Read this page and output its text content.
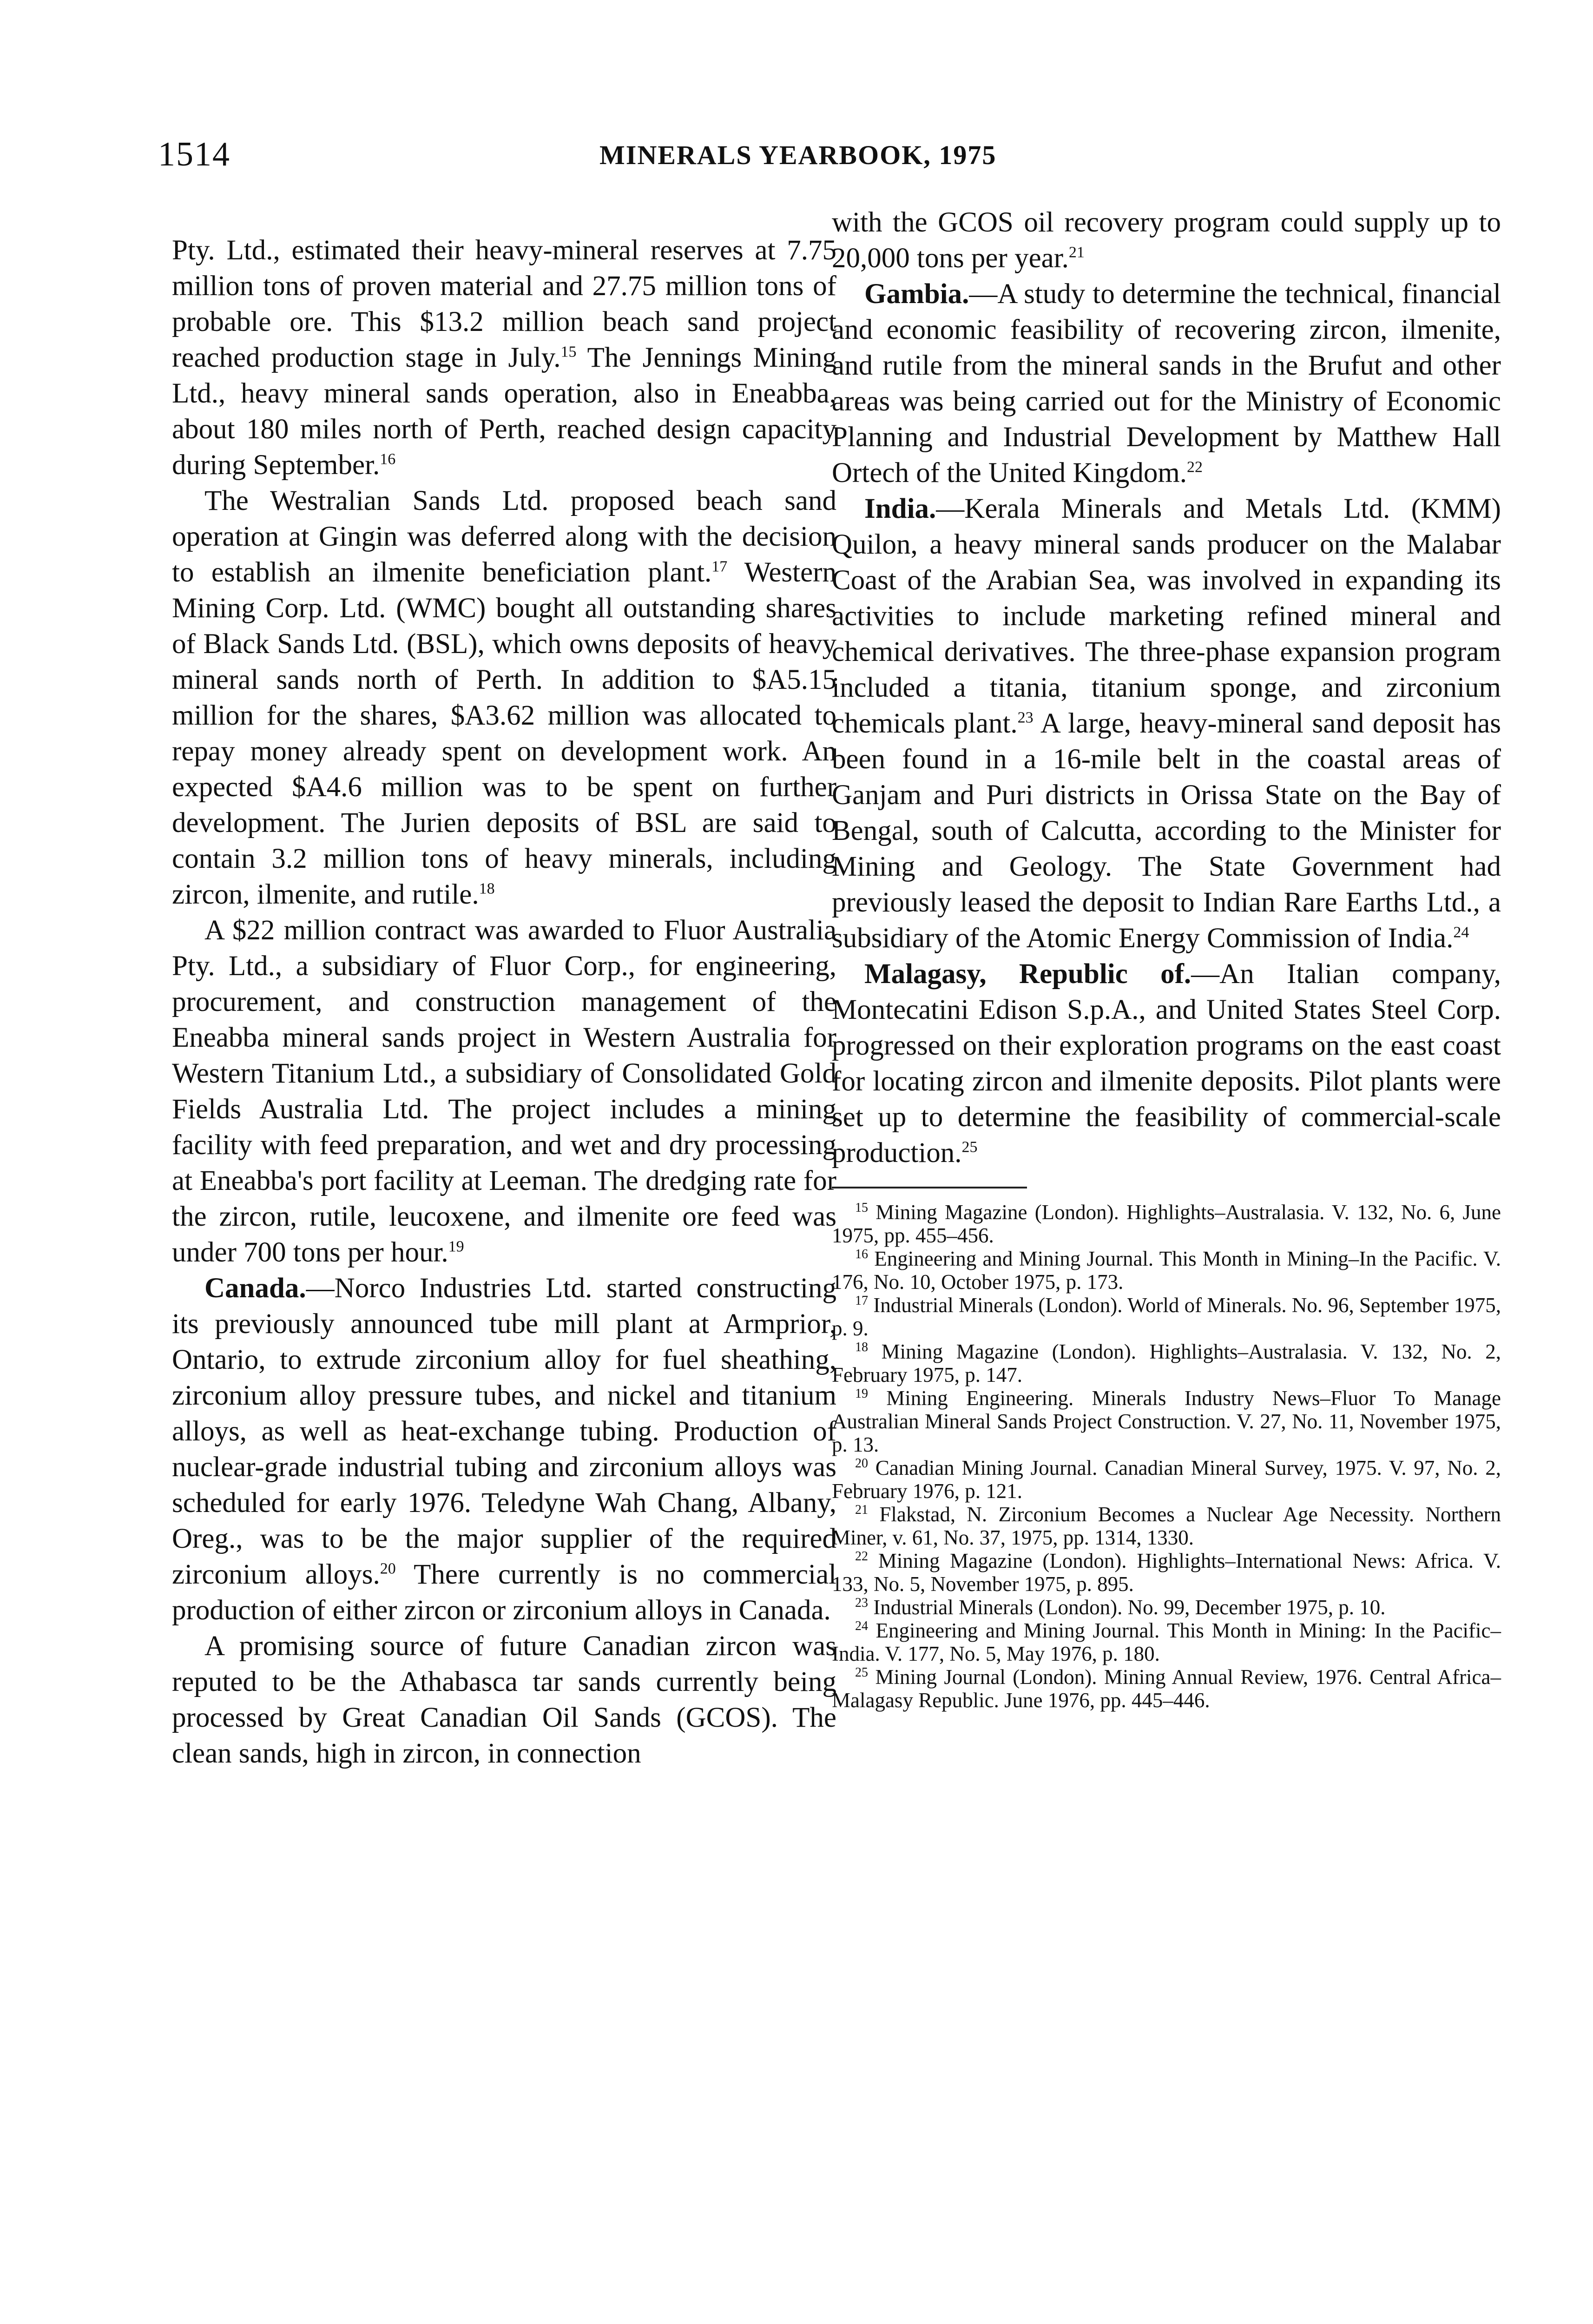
1514	MINERALS YEARBOOK, 1975

Pty. Ltd., estimated their heavy-mineral reserves at 7.75 million tons of proven material and 27.75 million tons of probable ore. This $13.2 million beach sand project reached production stage in July.$^{15}$ The Jennings Mining Ltd., heavy mineral sands operation, also in Eneabba, about 180 miles north of Perth, reached design capacity during September.$^{16}$

The Westralian Sands Ltd. proposed beach sand operation at Gingin was deferred along with the decision to establish an ilmenite beneficiation plant.$^{17}$ Western Mining Corp. Ltd. (WMC) bought all outstanding shares of Black Sands Ltd. (BSL), which owns deposits of heavy mineral sands north of Perth. In addition to $A5.15 million for the shares, $A3.62 million was allocated to repay money already spent on development work. An expected $A4.6 million was to be spent on further development. The Jurien deposits of BSL are said to contain 3.2 million tons of heavy minerals, including zircon, ilmenite, and rutile.$^{18}$

A $22 million contract was awarded to Fluor Australia Pty. Ltd., a subsidiary of Fluor Corp., for engineering, procurement, and construction management of the Eneabba mineral sands project in Western Australia for Western Titanium Ltd., a subsidiary of Consolidated Gold Fields Australia Ltd. The project includes a mining facility with feed preparation, and wet and dry processing at Eneabba's port facility at Leeman. The dredging rate for the zircon, rutile, leucoxene, and ilmenite ore feed was under 700 tons per hour.$^{19}$

Canada.—Norco Industries Ltd. started constructing its previously announced tube mill plant at Armprior, Ontario, to extrude zirconium alloy for fuel sheathing, zirconium alloy pressure tubes, and nickel and titanium alloys, as well as heat-exchange tubing. Production of nuclear-grade industrial tubing and zirconium alloys was scheduled for early 1976. Teledyne Wah Chang, Albany, Oreg., was to be the major supplier of the required zirconium alloys.$^{20}$ There currently is no commercial production of either zircon or zirconium alloys in Canada.

A promising source of future Canadian zircon was reputed to be the Athabasca tar sands currently being processed by Great Canadian Oil Sands (GCOS). The clean sands, high in zircon, in connection

with the GCOS oil recovery program could supply up to 20,000 tons per year.$^{21}$

Gambia.—A study to determine the technical, financial and economic feasibility of recovering zircon, ilmenite, and rutile from the mineral sands in the Brufut and other areas was being carried out for the Ministry of Economic Planning and Industrial Development by Matthew Hall Ortech of the United Kingdom.$^{22}$

India.—Kerala Minerals and Metals Ltd. (KMM) Quilon, a heavy mineral sands producer on the Malabar Coast of the Arabian Sea, was involved in expanding its activities to include marketing refined mineral and chemical derivatives. The three-phase expansion program included a titania, titanium sponge, and zirconium chemicals plant.$^{23}$ A large, heavy-mineral sand deposit has been found in a 16-mile belt in the coastal areas of Ganjam and Puri districts in Orissa State on the Bay of Bengal, south of Calcutta, according to the Minister for Mining and Geology. The State Government had previously leased the deposit to Indian Rare Earths Ltd., a subsidiary of the Atomic Energy Commission of India.$^{24}$

Malagasy, Republic of.—An Italian company, Montecatini Edison S.p.A., and United States Steel Corp. progressed on their exploration programs on the east coast for locating zircon and ilmenite deposits. Pilot plants were set up to determine the feasibility of commercial-scale production.$^{25}$

$^{15}$ Mining Magazine (London). Highlights–Australasia. V. 132, No. 6, June 1975, pp. 455–456.

$^{16}$ Engineering and Mining Journal. This Month in Mining–In the Pacific. V. 176, No. 10, October 1975, p. 173.

$^{17}$ Industrial Minerals (London). World of Minerals. No. 96, September 1975, p. 9.

$^{18}$ Mining Magazine (London). Highlights–Australasia. V. 132, No. 2, February 1975, p. 147.

$^{19}$ Mining Engineering. Minerals Industry News–Fluor To Manage Australian Mineral Sands Project Construction. V. 27, No. 11, November 1975, p. 13.

$^{20}$ Canadian Mining Journal. Canadian Mineral Survey, 1975. V. 97, No. 2, February 1976, p. 121.

$^{21}$ Flakstad, N. Zirconium Becomes a Nuclear Age Necessity. Northern Miner, v. 61, No. 37, 1975, pp. 1314, 1330.

$^{22}$ Mining Magazine (London). Highlights–International News: Africa. V. 133, No. 5, November 1975, p. 895.

$^{23}$ Industrial Minerals (London). No. 99, December 1975, p. 10.

$^{24}$ Engineering and Mining Journal. This Month in Mining: In the Pacific–India. V. 177, No. 5, May 1976, p. 180.

$^{25}$ Mining Journal (London). Mining Annual Review, 1976. Central Africa–Malagasy Republic. June 1976, pp. 445–446.
